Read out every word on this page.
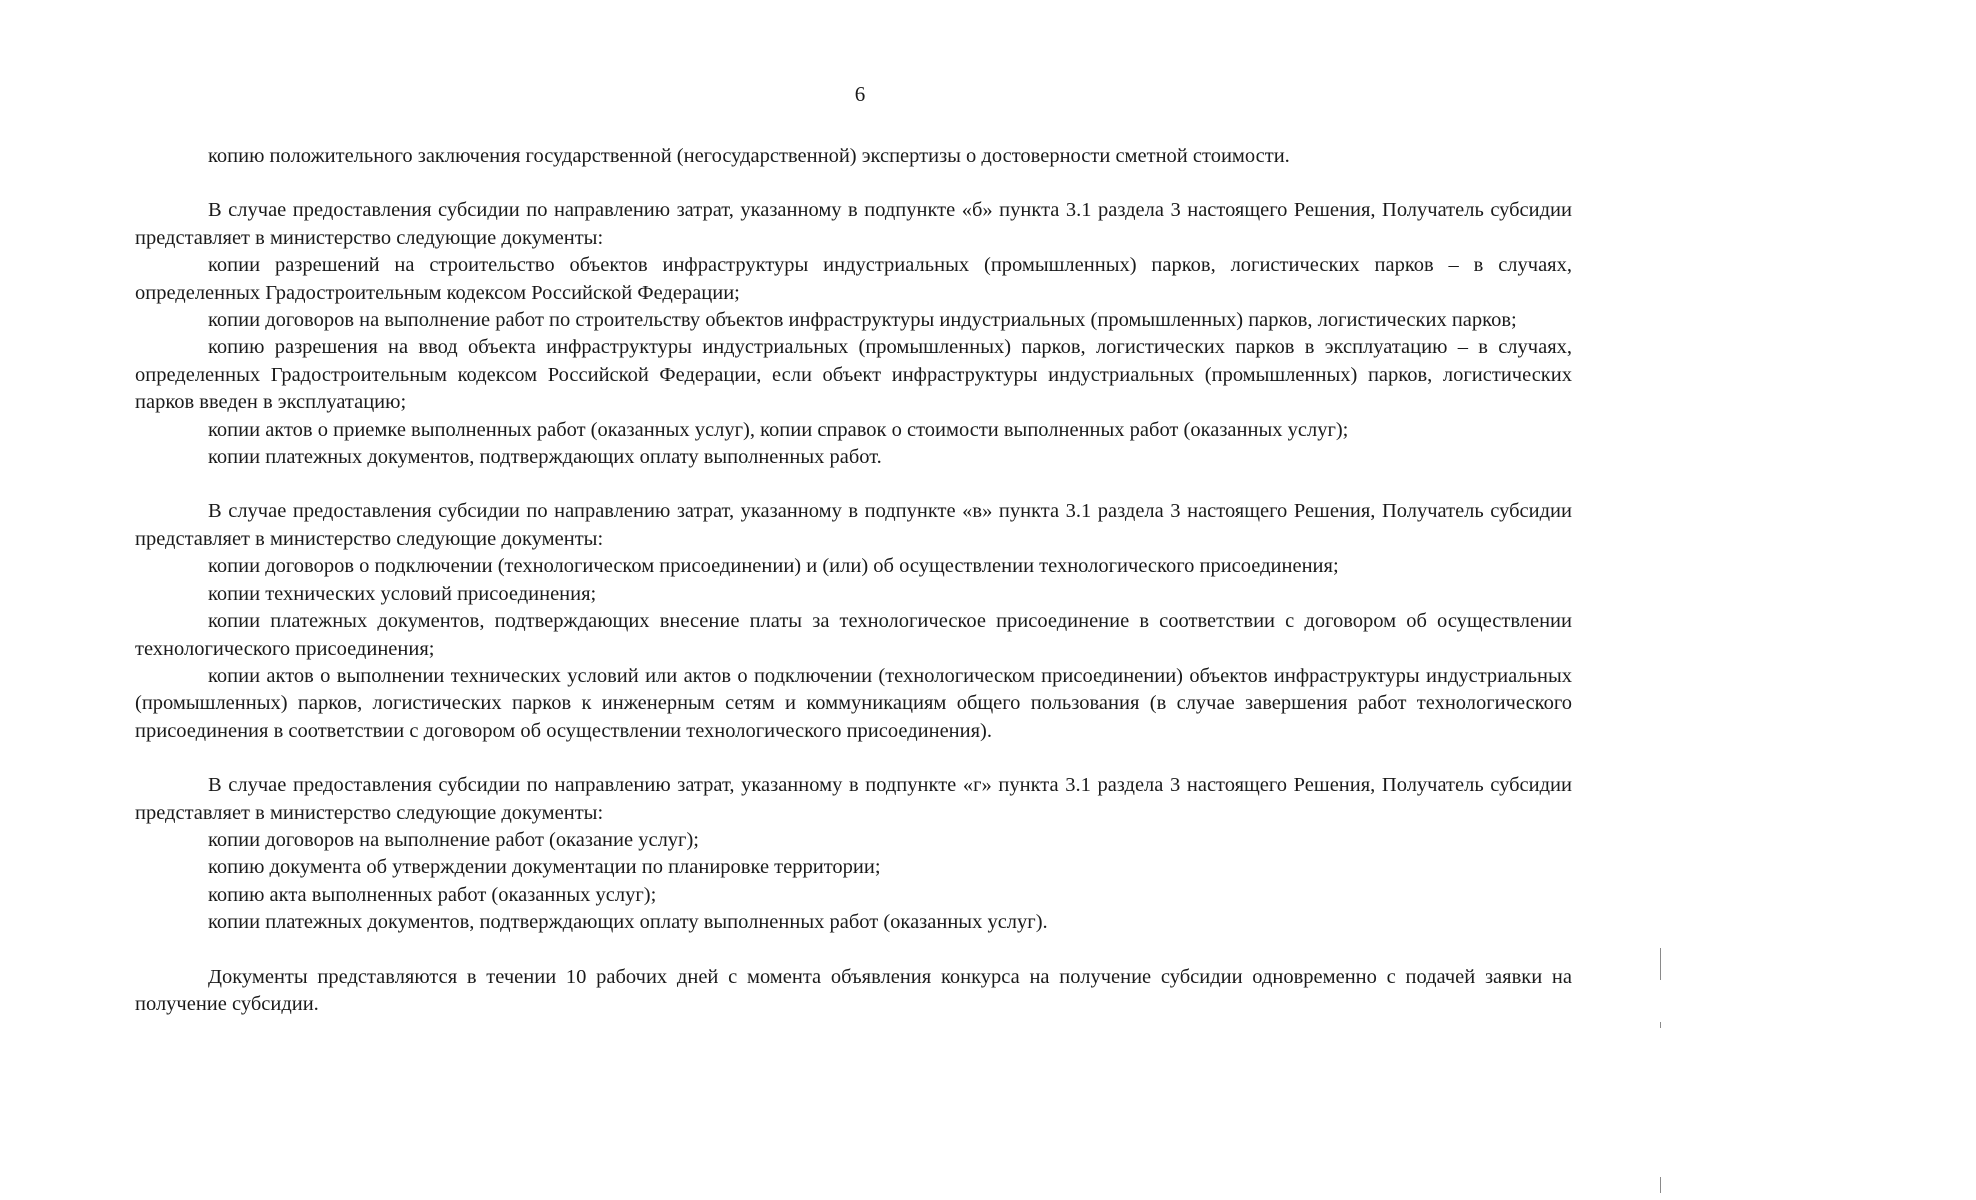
6

копию положительного заключения государственной (негосударственной) экспертизы о достоверности сметной стоимости.

В случае предоставления субсидии по направлению затрат, указанному в подпункте «б» пункта 3.1 раздела 3 настоящего Решения, Получатель субсидии представляет в министерство следующие документы:

копии разрешений на строительство объектов инфраструктуры индустриальных (промышленных) парков, логистических парков – в случаях, определенных Градостроительным кодексом Российской Федерации;

копии договоров на выполнение работ по строительству объектов инфраструктуры индустриальных (промышленных) парков, логистических парков;

копию разрешения на ввод объекта инфраструктуры индустриальных (промышленных) парков, логистических парков в эксплуатацию – в случаях, определенных Градостроительным кодексом Российской Федерации, если объект инфраструктуры индустриальных (промышленных) парков, логистических парков введен в эксплуатацию;

копии актов о приемке выполненных работ (оказанных услуг), копии справок о стоимости выполненных работ (оказанных услуг);

копии платежных документов, подтверждающих оплату выполненных работ.

В случае предоставления субсидии по направлению затрат, указанному в подпункте «в» пункта 3.1 раздела 3 настоящего Решения, Получатель субсидии представляет в министерство следующие документы:

копии договоров о подключении (технологическом присоединении) и (или) об осуществлении технологического присоединения;

копии технических условий присоединения;

копии платежных документов, подтверждающих внесение платы за технологическое присоединение в соответствии с договором об осуществлении технологического присоединения;

копии актов о выполнении технических условий или актов о подключении (технологическом присоединении) объектов инфраструктуры индустриальных (промышленных) парков, логистических парков к инженерным сетям и коммуникациям общего пользования (в случае завершения работ технологического присоединения в соответствии с договором об осуществлении технологического присоединения).

В случае предоставления субсидии по направлению затрат, указанному в подпункте «г» пункта 3.1 раздела 3 настоящего Решения, Получатель субсидии представляет в министерство следующие документы:

копии договоров на выполнение работ (оказание услуг);

копию документа об утверждении документации по планировке территории;

копию акта выполненных работ (оказанных услуг);

копии платежных документов, подтверждающих оплату выполненных работ (оказанных услуг).

Документы представляются в течении 10 рабочих дней с момента объявления конкурса на получение субсидии одновременно с подачей заявки на получение субсидии.
